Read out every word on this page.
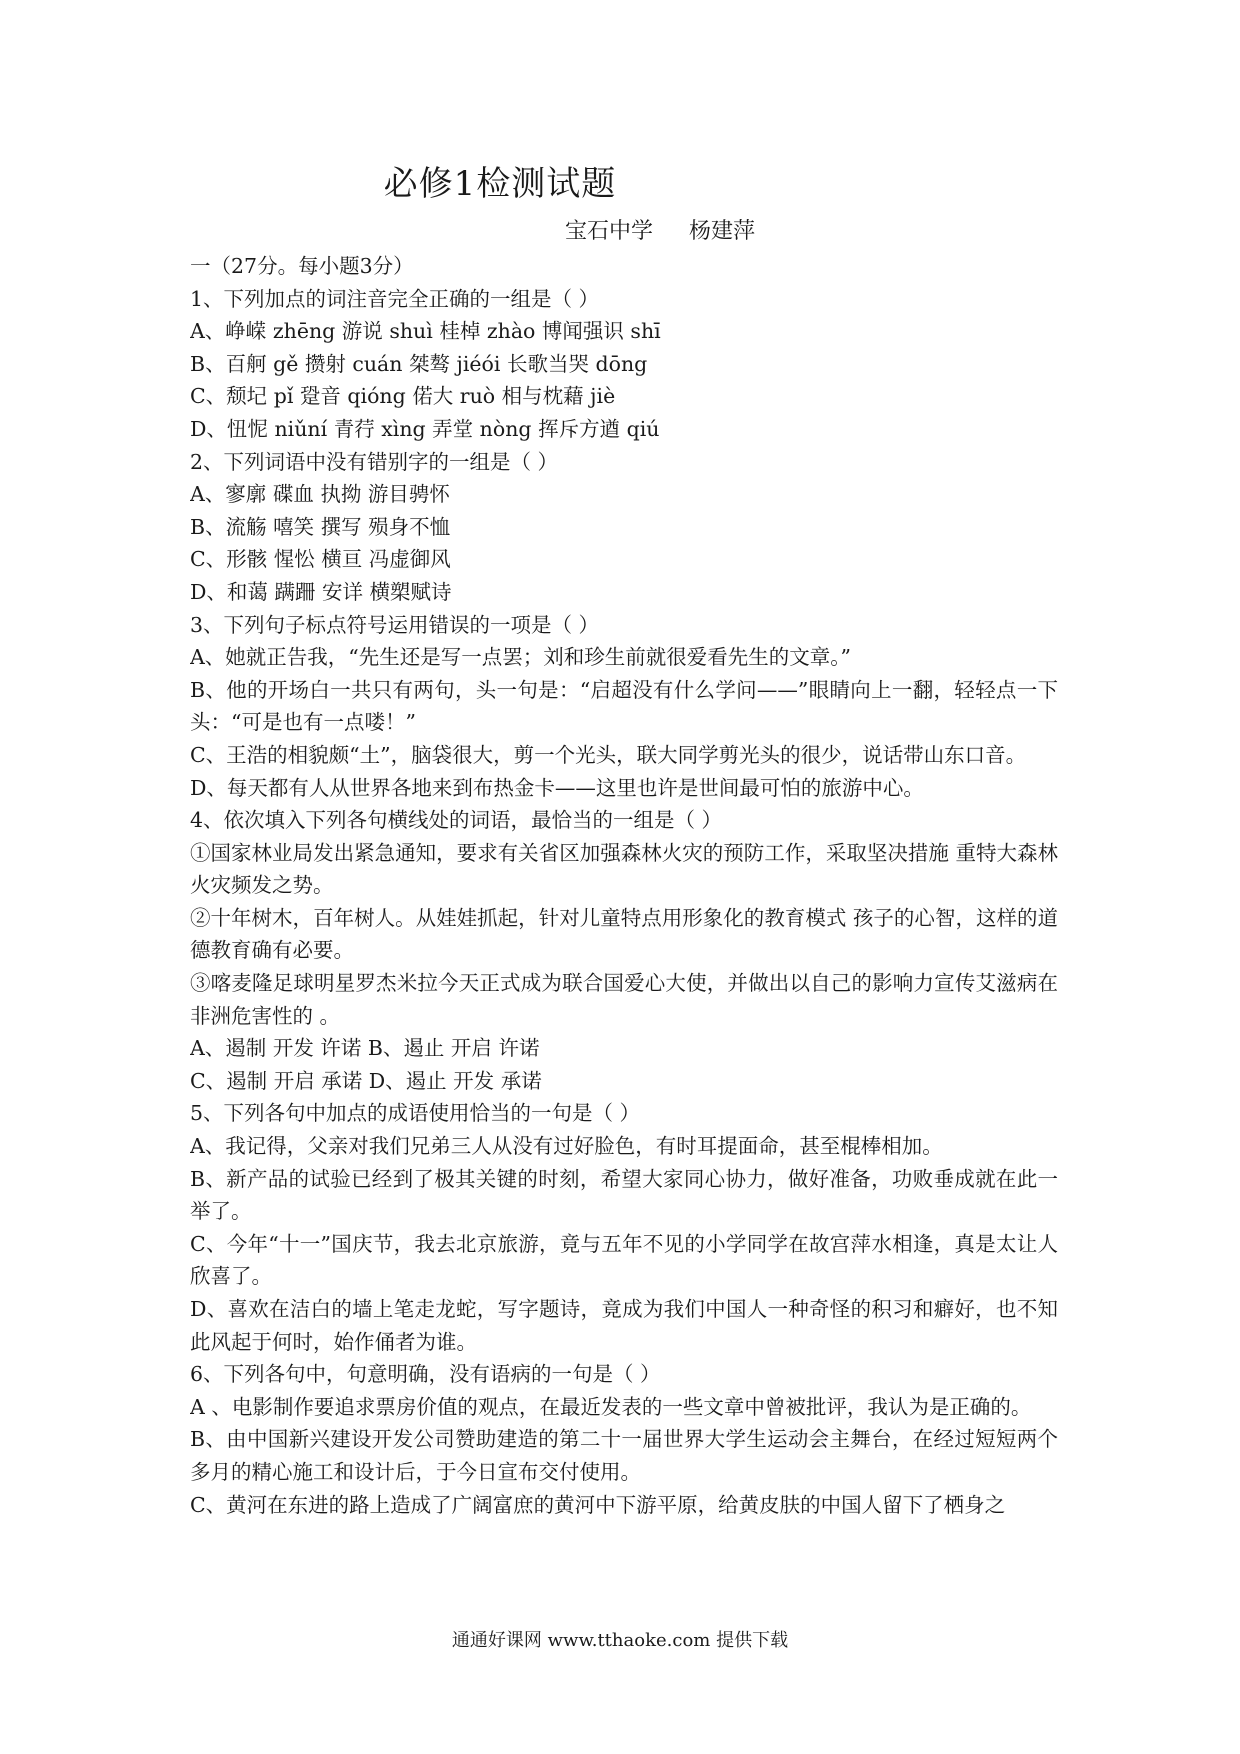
必修1检测试题
宝石中学 杨建萍
一（27分。每小题3分）
1、下列加点的词注音完全正确的一组是（ ）
A、峥嵘 zhēng 游说 shuì 桂棹 zhào 博闻强识 shī
B、百舸 gě 攒射 cuán 桀骜 jiéói 长歌当哭 dōng
C、颓圮 pǐ 跫音 qióng 偌大 ruò 相与枕藉 jiè
D、忸怩 niǔní 青荇 xìng 弄堂 nòng 挥斥方遒 qiú
2、下列词语中没有错别字的一组是（ ）
A、寥廓 碟血 执拗 游目骋怀
B、流觞 嘻笑 撰写 殒身不恤
C、形骸 惺忪 横亘 冯虚御风
D、和蔼 蹒跚 安详 横槊赋诗
3、下列句子标点符号运用错误的一项是（ ）
A、她就正告我，“先生还是写一点罢；刘和珍生前就很爱看先生的文章。”
B、他的开场白一共只有两句，头一句是：“启超没有什么学问——”眼睛向上一翻，轻轻点一下头：“可是也有一点喽！”
C、王浩的相貌颇“土”，脑袋很大，剪一个光头，联大同学剪光头的很少，说话带山东口音。
D、每天都有人从世界各地来到布热金卡——这里也许是世间最可怕的旅游中心。
4、依次填入下列各句横线处的词语，最恰当的一组是（ ）
①国家林业局发出紧急通知，要求有关省区加强森林火灾的预防工作，采取坚决措施 重特大森林火灾频发之势。
②十年树木，百年树人。从娃娃抓起，针对儿童特点用形象化的教育模式 孩子的心智，这样的道德教育确有必要。
③喀麦隆足球明星罗杰米拉今天正式成为联合国爱心大使，并做出以自己的影响力宣传艾滋病在非洲危害性的 。
A、遏制 开发 许诺 B、遏止 开启 许诺
C、遏制 开启 承诺 D、遏止 开发 承诺
5、下列各句中加点的成语使用恰当的一句是（ ）
A、我记得，父亲对我们兄弟三人从没有过好脸色，有时耳提面命，甚至棍棒相加。
B、新产品的试验已经到了极其关键的时刻，希望大家同心协力，做好准备，功败垂成就在此一举了。
C、今年“十一”国庆节，我去北京旅游，竟与五年不见的小学同学在故宫萍水相逢，真是太让人欣喜了。
D、喜欢在洁白的墙上笔走龙蛇，写字题诗，竟成为我们中国人一种奇怪的积习和癖好，也不知此风起于何时，始作俑者为谁。
6、下列各句中，句意明确，没有语病的一句是（ ）
A 、电影制作要追求票房价值的观点，在最近发表的一些文章中曾被批评，我认为是正确的。
B、由中国新兴建设开发公司赞助建造的第二十一届世界大学生运动会主舞台，在经过短短两个多月的精心施工和设计后，于今日宣布交付使用。
C、黄河在东进的路上造成了广阔富庶的黄河中下游平原，给黄皮肤的中国人留下了栖身之
通通好课网 www.tthaoke.com 提供下载
